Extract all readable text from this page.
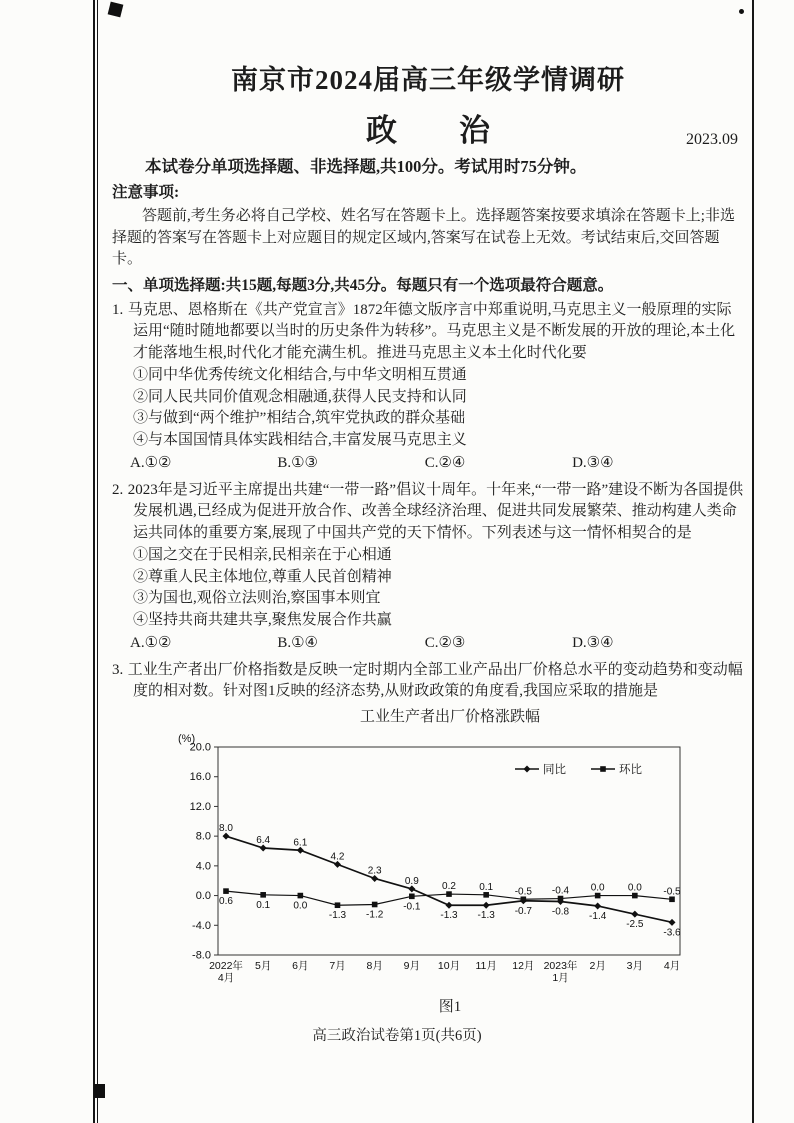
南京市2024届高三年级学情调研
政　　治	2023.09
本试卷分单项选择题、非选择题,共100分。考试用时75分钟。
注意事项:
答题前,考生务必将自己学校、姓名写在答题卡上。选择题答案按要求填涂在答题卡上;非选择题的答案写在答题卡上对应题目的规定区域内,答案写在试卷上无效。考试结束后,交回答题卡。
一、单项选择题:共15题,每题3分,共45分。每题只有一个选项最符合题意。
1. 马克思、恩格斯在《共产党宣言》1872年德文版序言中郑重说明,马克思主义一般原理的实际运用“随时随地都要以当时的历史条件为转移”。马克思主义是不断发展的开放的理论,本土化才能落地生根,时代化才能充满生机。推进马克思主义本土化时代化要
①同中华优秀传统文化相结合,与中华文明相互贯通
②同人民共同价值观念相融通,获得人民支持和认同
③与做到“两个维护”相结合,筑牢党执政的群众基础
④与本国国情具体实践相结合,丰富发展马克思主义
A.①②	B.①③	C.②④	D.③④
2. 2023年是习近平主席提出共建“一带一路”倡议十周年。十年来,“一带一路”建设不断为各国提供发展机遇,已经成为促进开放合作、改善全球经济治理、促进共同发展繁荣、推动构建人类命运共同体的重要方案,展现了中国共产党的天下情怀。下列表述与这一情怀相契合的是
①国之交在于民相亲,民相亲在于心相通
②尊重人民主体地位,尊重人民首创精神
③为国也,观俗立法则治,察国事本则宜
④坚持共商共建共享,聚焦发展合作共赢
A.①②	B.①④	C.②③	D.③④
3. 工业生产者出厂价格指数是反映一定时期内全部工业产品出厂价格总水平的变动趋势和变动幅度的相对数。针对图1反映的经济态势,从财政政策的角度看,我国应采取的措施是
工业生产者出厂价格涨跌幅
(%)
20.0
16.0
12.0
8.0
4.0
0.0
-4.0
-8.0
2022年
4月
5月 6月 7月 8月 9月 10月 11月 12月 2023年
1月
2月 3月 4月
8.0
6.4 6.1
4.2
2.3
0.9
-1.3 -1.3 -0.7 -0.8 -1.4
-2.5
-3.6
0.6 0.1 0.0
-1.3 -1.2
-0.1
0.2 0.1 -0.5 -0.4 0.0 0.0 -0.5
同比	环比
图1
高三政治试卷第1页(共6页)
